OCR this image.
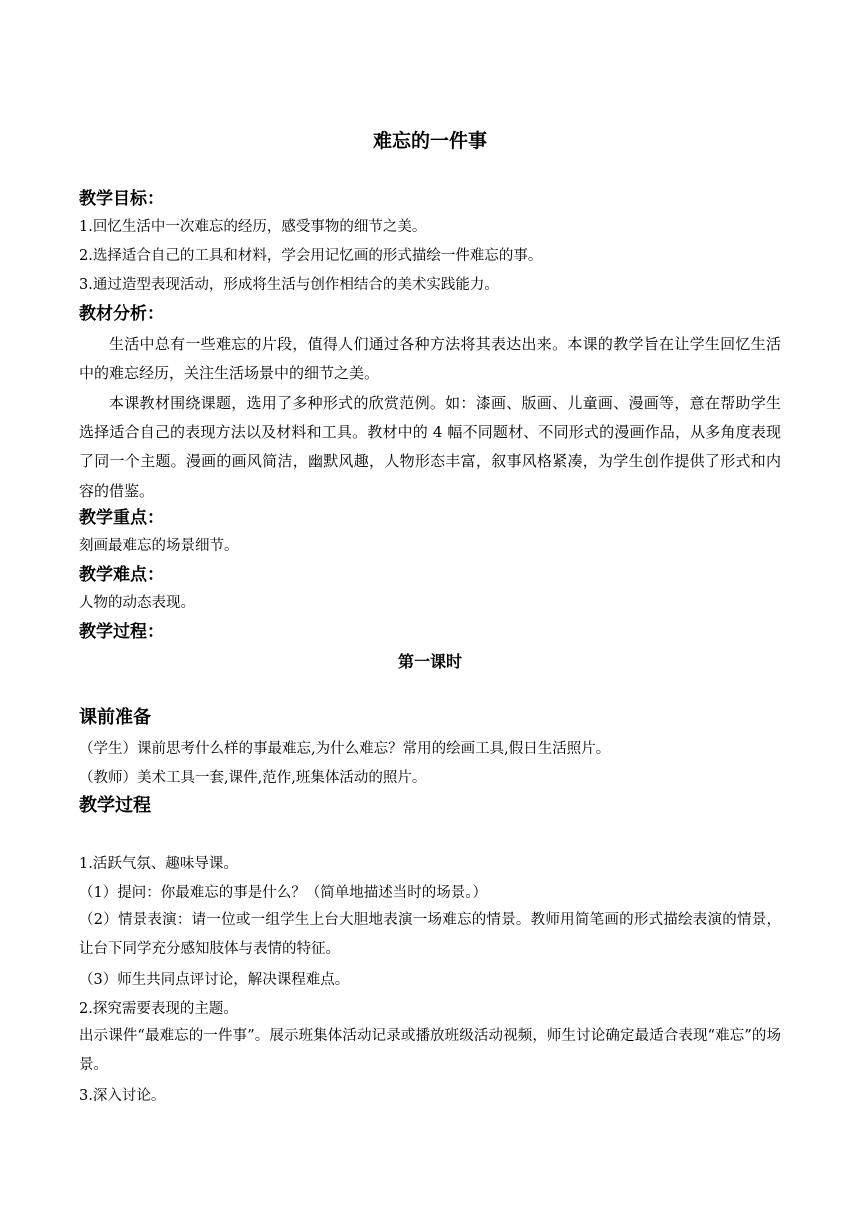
难忘的一件事
教学目标：
1.回忆生活中一次难忘的经历，感受事物的细节之美。
2.选择适合自己的工具和材料，学会用记忆画的形式描绘一件难忘的事。
3.通过造型表现活动，形成将生活与创作相结合的美术实践能力。
教材分析：
生活中总有一些难忘的片段，值得人们通过各种方法将其表达出来。本课的教学旨在让学生回忆生活中的难忘经历，关注生活场景中的细节之美。
本课教材围绕课题，选用了多种形式的欣赏范例。如：漆画、版画、儿童画、漫画等，意在帮助学生选择适合自己的表现方法以及材料和工具。教材中的 4 幅不同题材、不同形式的漫画作品，从多角度表现了同一个主题。漫画的画风简洁，幽默风趣，人物形态丰富，叙事风格紧凑，为学生创作提供了形式和内容的借鉴。
教学重点：
刻画最难忘的场景细节。
教学难点：
人物的动态表现。
教学过程：
第一课时
课前准备
（学生）课前思考什么样的事最难忘,为什么难忘？常用的绘画工具,假日生活照片。
（教师）美术工具一套,课件,范作,班集体活动的照片。
教学过程
1.活跃气氛、趣味导课。
（1）提问：你最难忘的事是什么？（简单地描述当时的场景。）
（2）情景表演：请一位或一组学生上台大胆地表演一场难忘的情景。教师用简笔画的形式描绘表演的情景，让台下同学充分感知肢体与表情的特征。
（3）师生共同点评讨论，解决课程难点。
2.探究需要表现的主题。
出示课件“最难忘的一件事”。展示班集体活动记录或播放班级活动视频，师生讨论确定最适合表现“难忘”的场景。
3.深入讨论。
